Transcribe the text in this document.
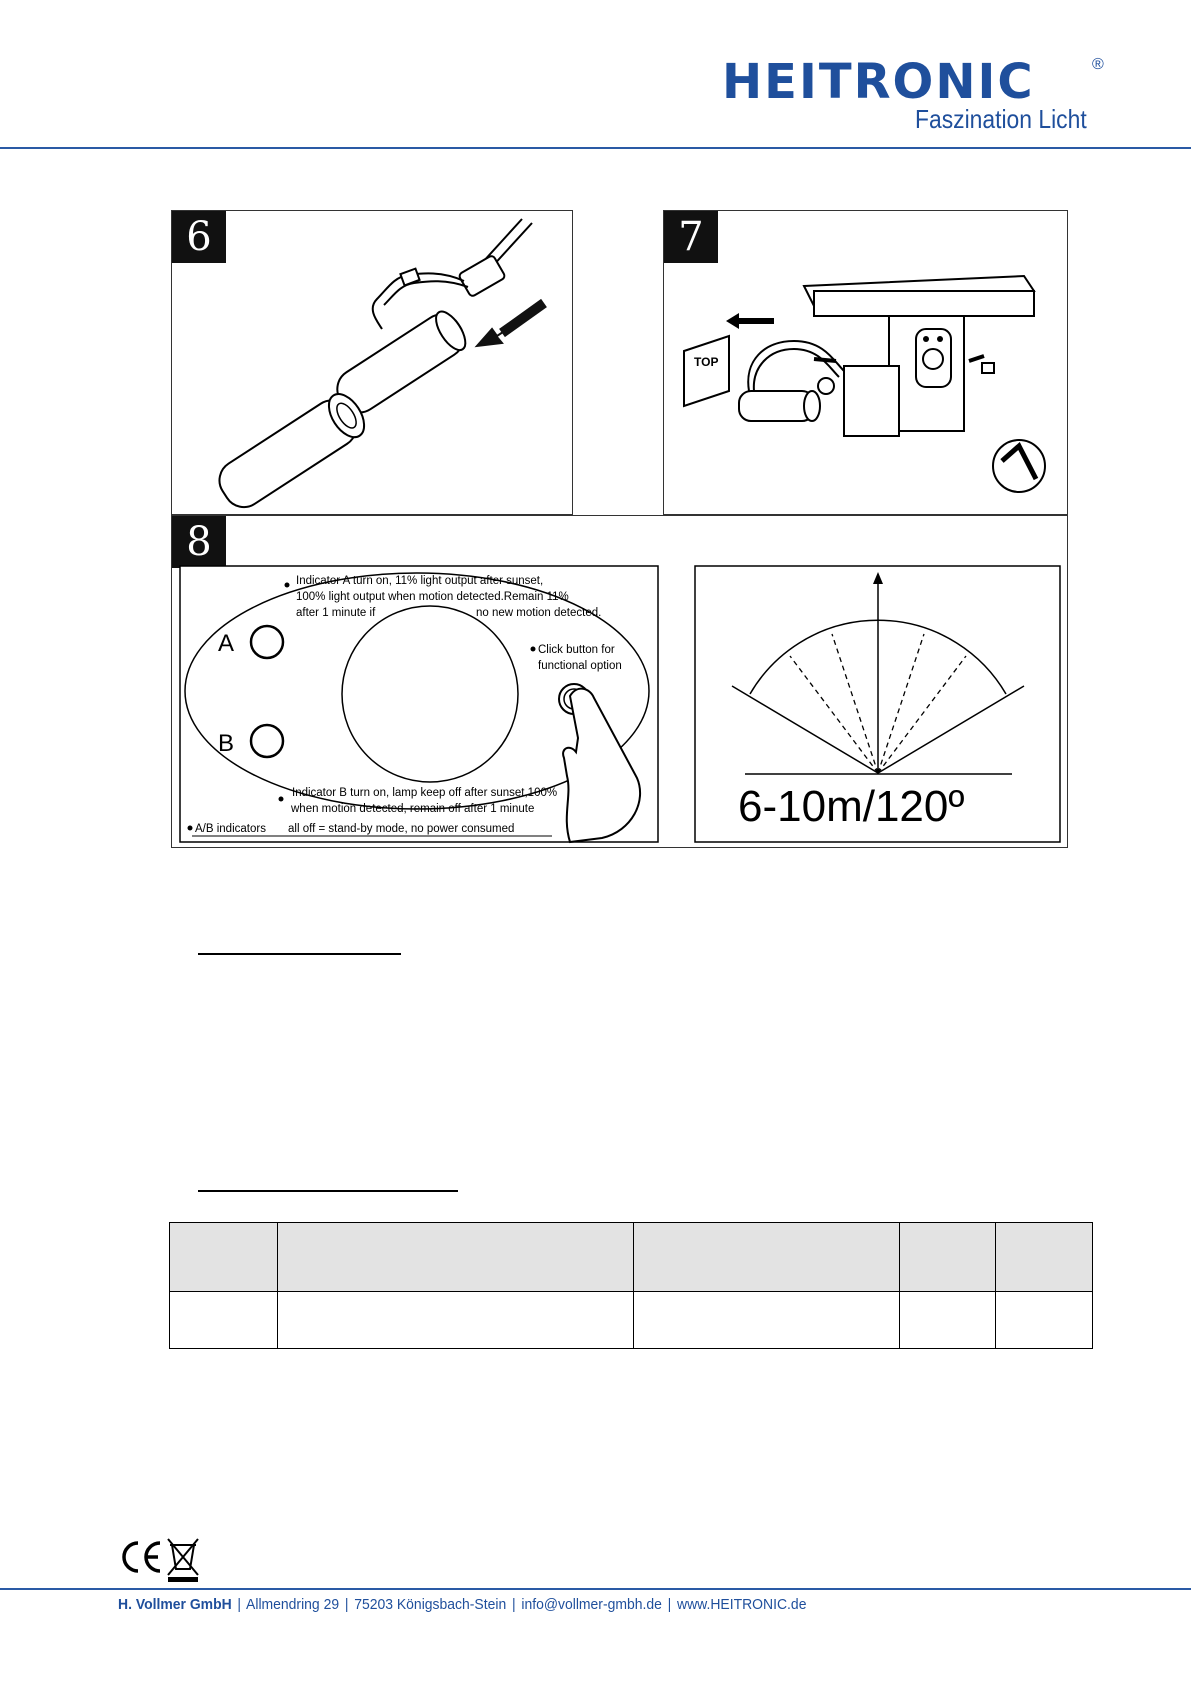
HEITRONIC	®
Faszination Licht
6	7
TOP
8
A
B
Indicator A turn on, 11% light output after sunset,
100% light output when motion detected.Remain 11%
after 1 minute if	no new motion detected.
Click button for
functional option
Indicator B turn on, lamp keep off after sunset,100%
when motion detected, remain off after 1 minute
A/B indicators all off = stand-by mode, no power consumed	6-10m/120º

H. Vollmer GmbH | Allmendring 29 | 75203 Königsbach-Stein | info@vollmer-gmbh.de | www.HEITRONIC.de
